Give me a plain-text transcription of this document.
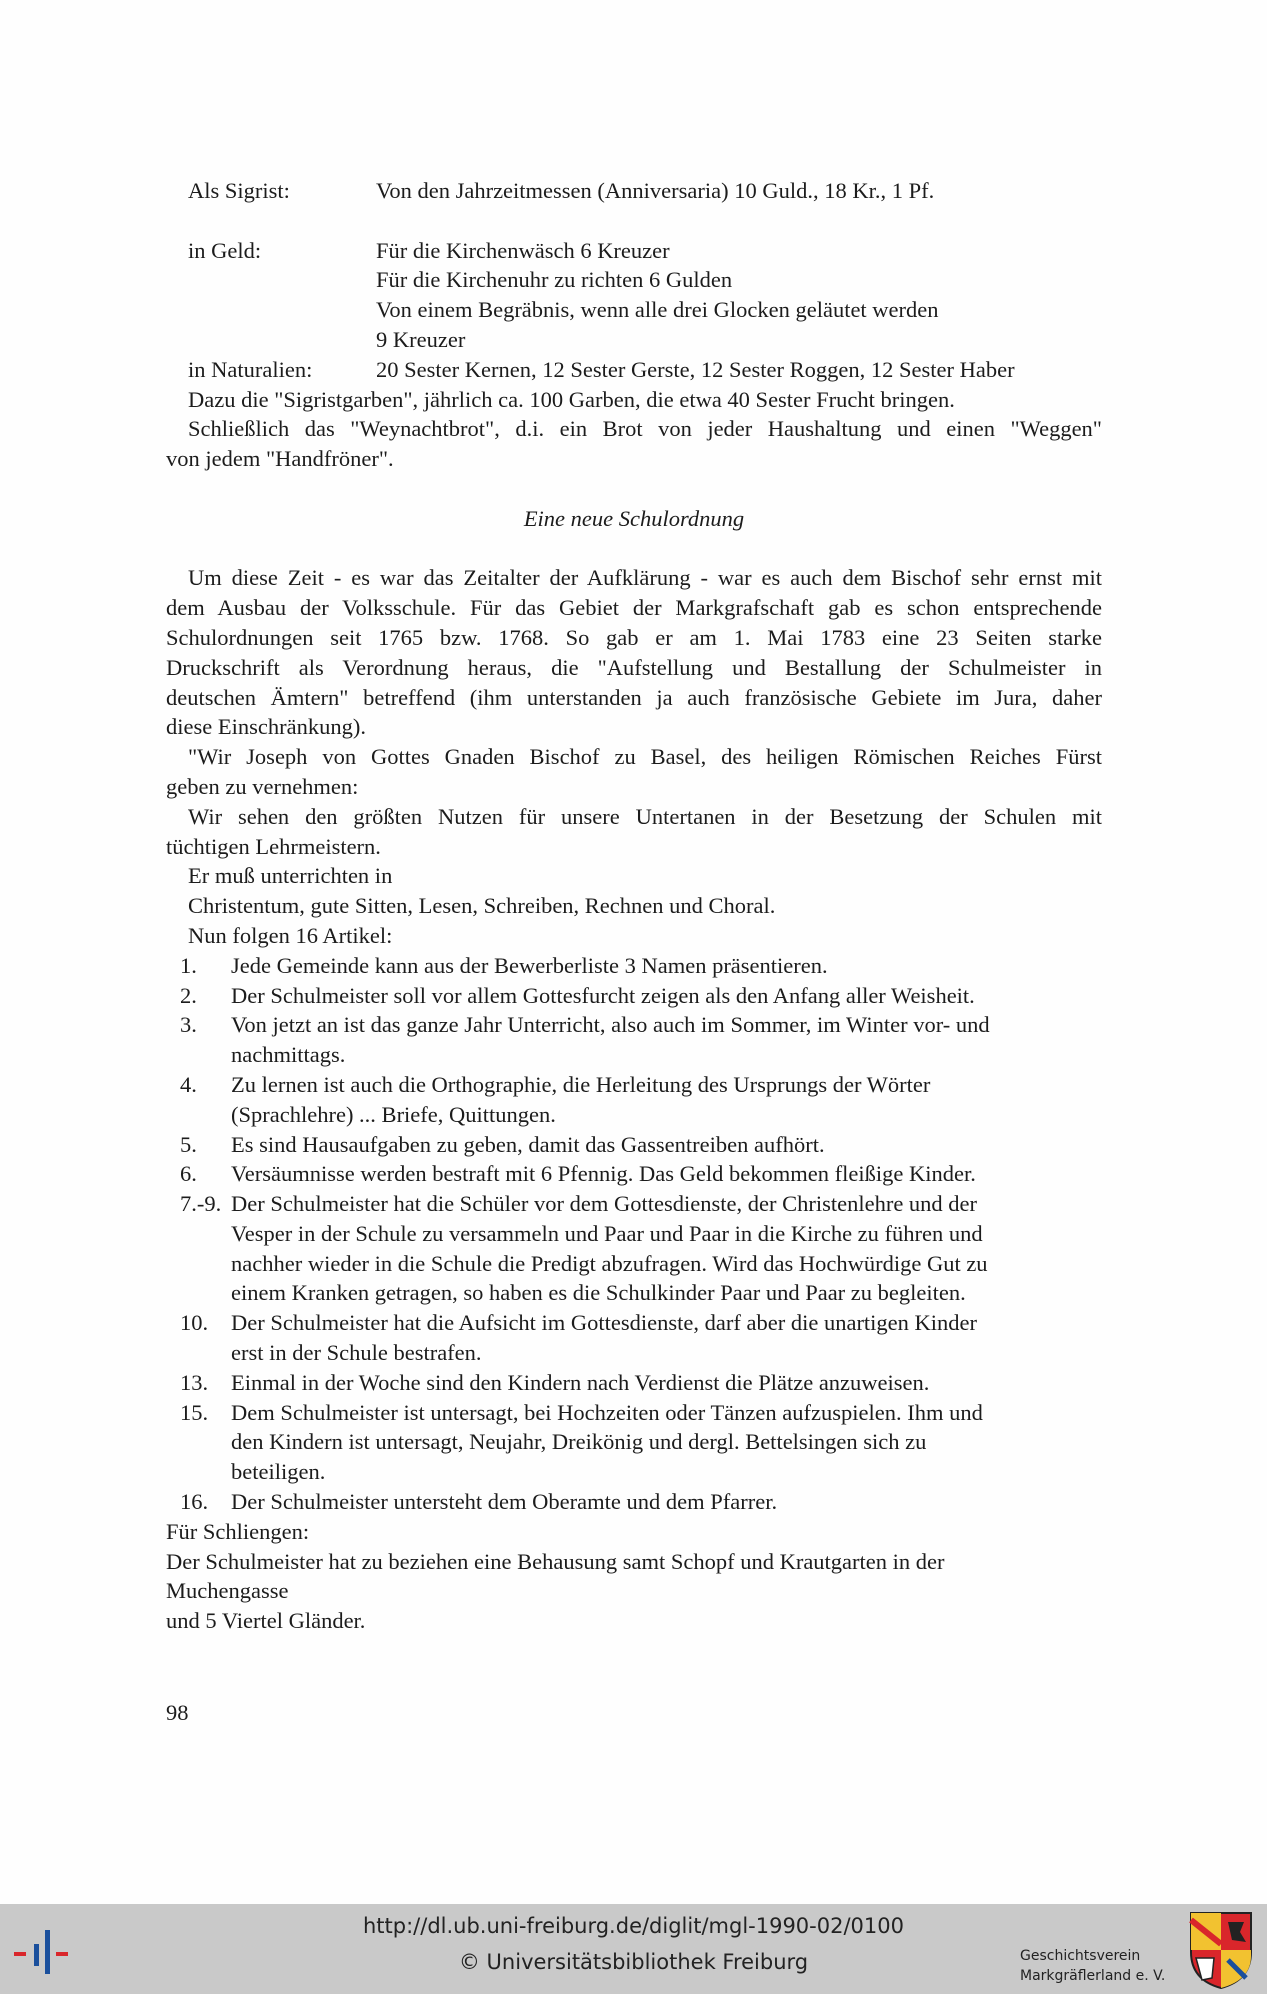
Als Sigrist:	Von den Jahrzeitmessen (Anniversaria) 10 Guld., 18 Kr., 1 Pf.
in Geld:	Für die Kirchenwäsch 6 Kreuzer
Für die Kirchenuhr zu richten 6 Gulden
Von einem Begräbnis, wenn alle drei Glocken geläutet werden
9 Kreuzer
in Naturalien:	20 Sester Kernen, 12 Sester Gerste, 12 Sester Roggen, 12 Sester Haber
Dazu die "Sigristgarben", jährlich ca. 100 Garben, die etwa 40 Sester Frucht bringen.
Schließlich das "Weynachtbrot", d.i. ein Brot von jeder Haushaltung und einen "Weggen"
von jedem "Handfröner".
Eine neue Schulordnung
Um diese Zeit - es war das Zeitalter der Aufklärung - war es auch dem Bischof sehr ernst mit
dem Ausbau der Volksschule. Für das Gebiet der Markgrafschaft gab es schon entsprechende
Schulordnungen seit 1765 bzw. 1768. So gab er am 1. Mai 1783 eine 23 Seiten starke
Druckschrift als Verordnung heraus, die "Aufstellung und Bestallung der Schulmeister in
deutschen Ämtern" betreffend (ihm unterstanden ja auch französische Gebiete im Jura, daher
diese Einschränkung).
"Wir Joseph von Gottes Gnaden Bischof zu Basel, des heiligen Römischen Reiches Fürst
geben zu vernehmen:
Wir sehen den größten Nutzen für unsere Untertanen in der Besetzung der Schulen mit
tüchtigen Lehrmeistern.
Er muß unterrichten in
Christentum, gute Sitten, Lesen, Schreiben, Rechnen und Choral.
Nun folgen 16 Artikel:
1.	Jede Gemeinde kann aus der Bewerberliste 3 Namen präsentieren.
2.	Der Schulmeister soll vor allem Gottesfurcht zeigen als den Anfang aller Weisheit.
3.	Von jetzt an ist das ganze Jahr Unterricht, also auch im Sommer, im Winter vor- und
nachmittags.
4.	Zu lernen ist auch die Orthographie, die Herleitung des Ursprungs der Wörter
(Sprachlehre) ... Briefe, Quittungen.
5.	Es sind Hausaufgaben zu geben, damit das Gassentreiben aufhört.
6.	Versäumnisse werden bestraft mit 6 Pfennig. Das Geld bekommen fleißige Kinder.
7.-9. Der Schulmeister hat die Schüler vor dem Gottesdienste, der Christenlehre und der
Vesper in der Schule zu versammeln und Paar und Paar in die Kirche zu führen und
nachher wieder in die Schule die Predigt abzufragen. Wird das Hochwürdige Gut zu
einem Kranken getragen, so haben es die Schulkinder Paar und Paar zu begleiten.
10.	Der Schulmeister hat die Aufsicht im Gottesdienste, darf aber die unartigen Kinder
erst in der Schule bestrafen.
13.	Einmal in der Woche sind den Kindern nach Verdienst die Plätze anzuweisen.
15.	Dem Schulmeister ist untersagt, bei Hochzeiten oder Tänzen aufzuspielen. Ihm und
den Kindern ist untersagt, Neujahr, Dreikönig und dergl. Bettelsingen sich zu
beteiligen.
16.	Der Schulmeister untersteht dem Oberamte und dem Pfarrer.
Für Schliengen:
Der Schulmeister hat zu beziehen eine Behausung samt Schopf und Krautgarten in der
Muchengasse
und 5 Viertel Gländer.
98
http://dl.ub.uni-freiburg.de/diglit/mgl-1990-02/0100
© Universitätsbibliothek Freiburg	Geschichtsverein
Markgräflerland e. V.
